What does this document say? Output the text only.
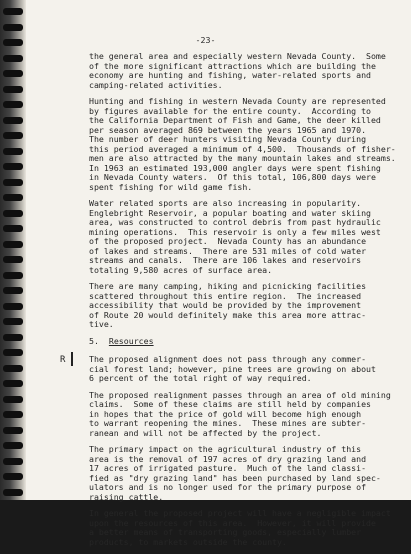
-23-

the general area and especially western Nevada County.  Some
of the more significant attractions which are building the
economy are hunting and fishing, water-related sports and
camping-related activities.

Hunting and fishing in western Nevada County are represented
by figures available for the entire county.  According to
the California Department of Fish and Game, the deer killed
per season averaged 869 between the years 1965 and 1970.
The number of deer hunters visiting Nevada County during
this period averaged a minimum of 4,500.  Thousands of fisher-
men are also attracted by the many mountain lakes and streams.
In 1963 an estimated 193,000 angler days were spent fishing
in Nevada County waters.  Of this total, 106,800 days were
spent fishing for wild game fish.

Water related sports are also increasing in popularity.
Englebright Reservoir, a popular boating and water skiing
area, was constructed to control debris from past hydraulic
mining operations.  This reservoir is only a few miles west
of the proposed project.  Nevada County has an abundance
of lakes and streams.  There are 531 miles of cold water
streams and canals.  There are 106 lakes and reservoirs
totaling 9,580 acres of surface area.

There are many camping, hiking and picnicking facilities
scattered throughout this entire region.  The increased
accessibility that would be provided by the improvement
of Route 20 would definitely make this area more attrac-
tive.

5. Resources

The proposed alignment does not pass through any commer-
cial forest land; however, pine trees are growing on about
6 percent of the total right of way required.

The proposed realignment passes through an area of old mining
claims.  Some of these claims are still held by companies
in hopes that the price of gold will become high enough
to warrant reopening the mines.  These mines are subter-
ranean and will not be affected by the project.

The primary impact on the agricultural industry of this
area is the removal of 197 acres of dry grazing land and
17 acres of irrigated pasture.  Much of the land classi-
fied as "dry grazing land" has been purchased by land spec-
ulators and is no longer used for the primary purpose of
raising cattle.

In general the proposed project will have a negligible impact
upon the resources of this area.  However, it will provide
a better means of transporting goods, especially lumber
products, to markets outside the county.

R
